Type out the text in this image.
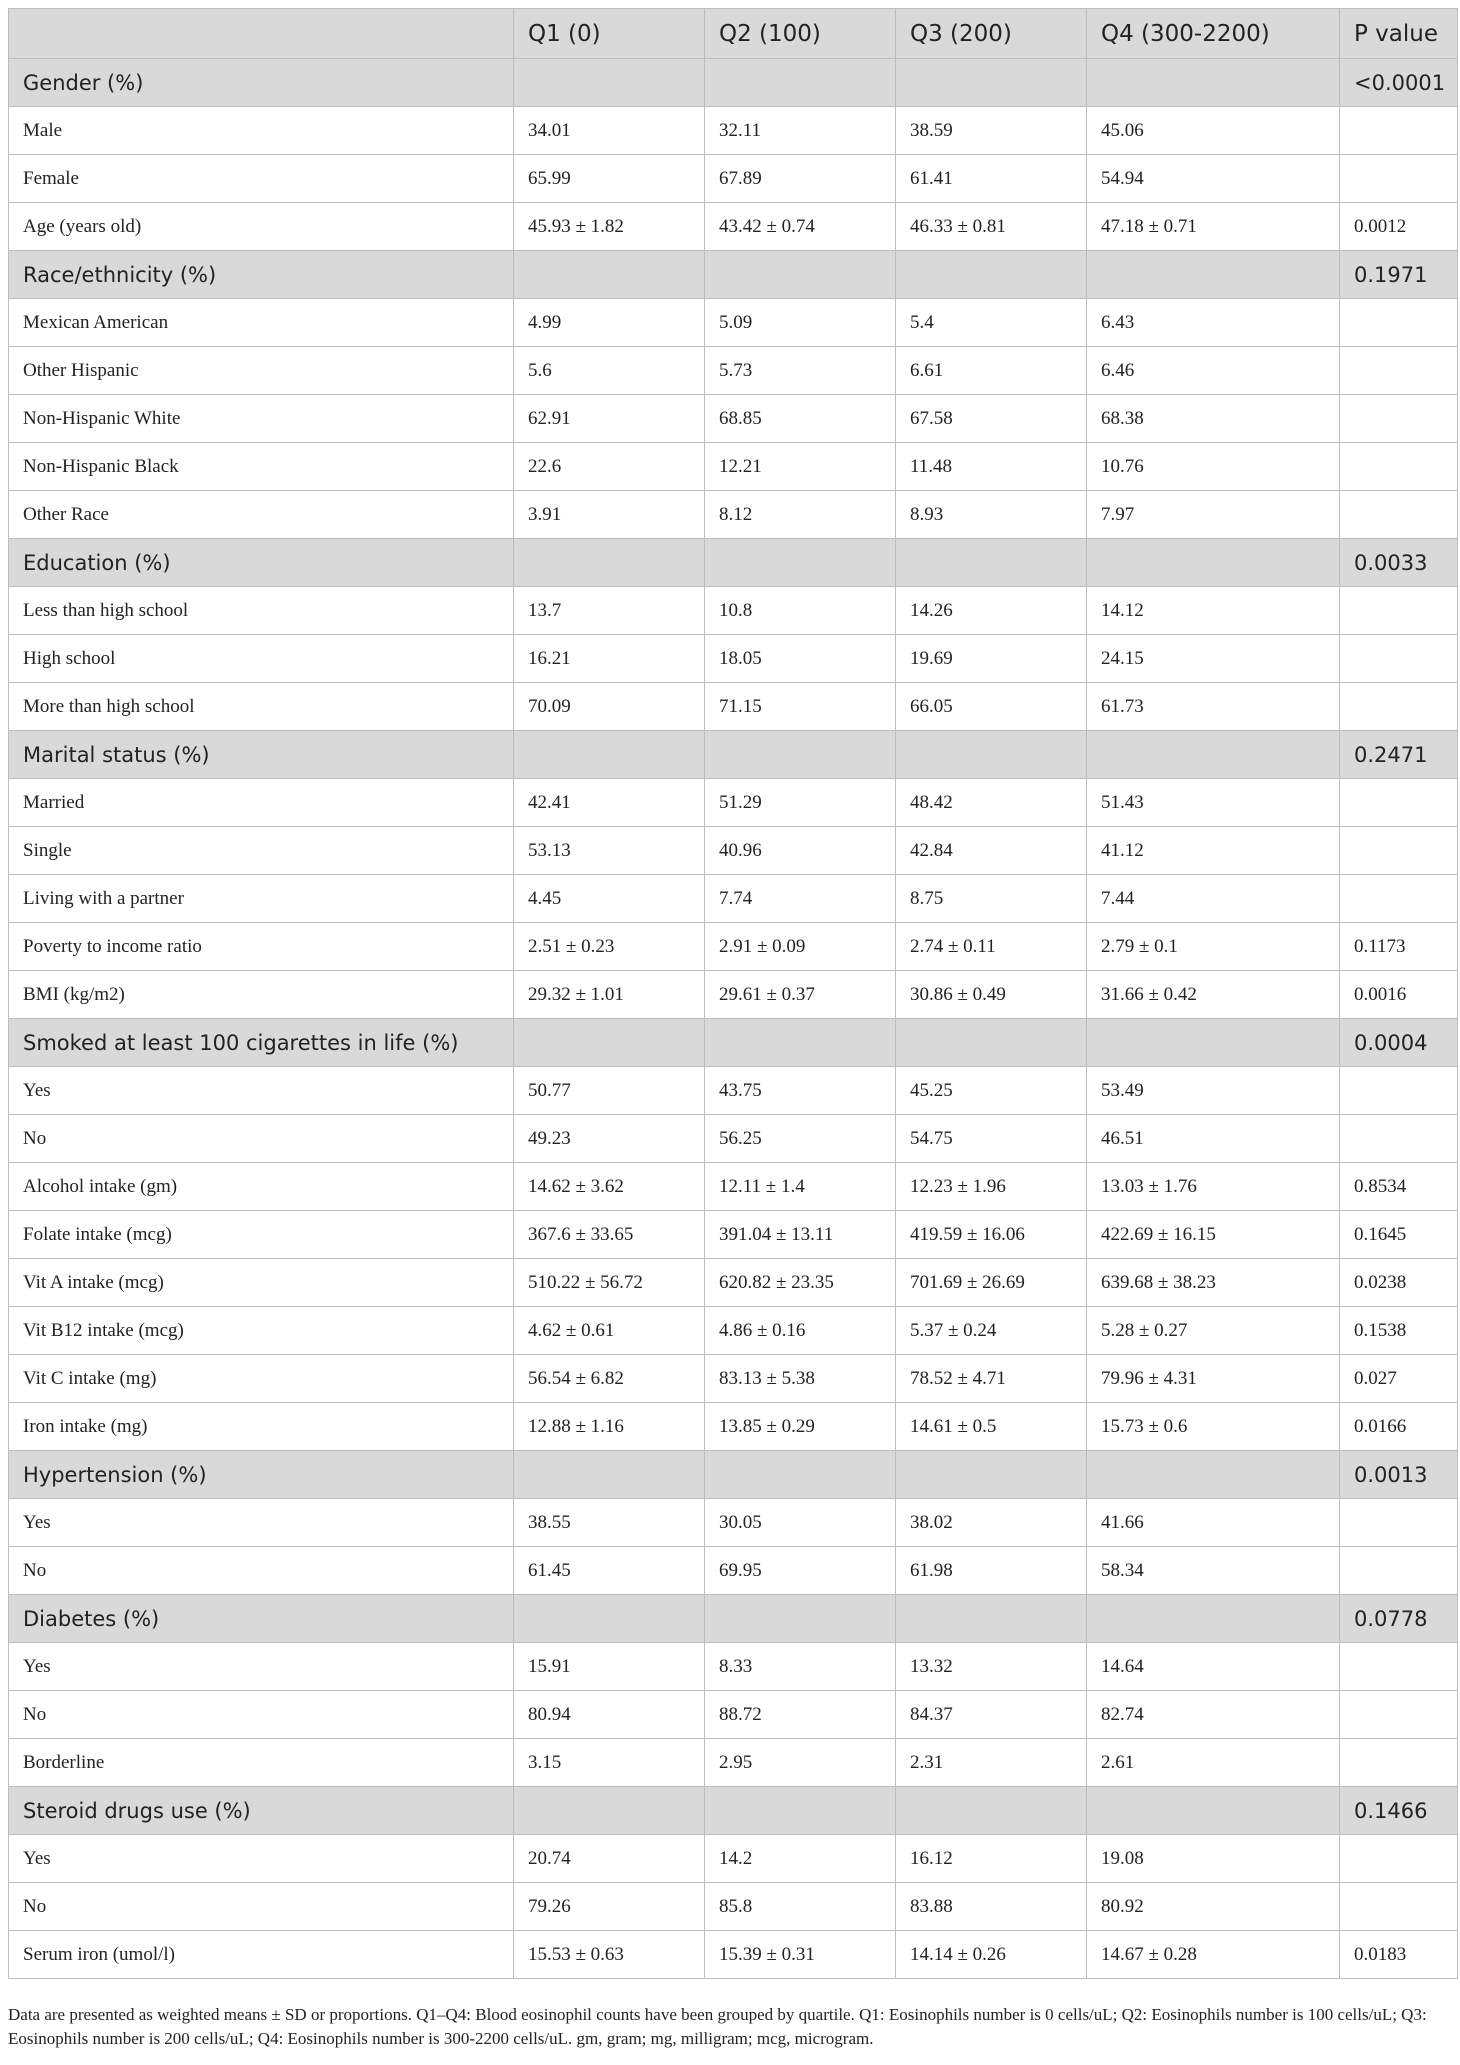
	Q1 (0)	Q2 (100)	Q3 (200)	Q4 (300-2200)	P value
Gender (%)					<0.0001
Male	34.01	32.11	38.59	45.06	
Female	65.99	67.89	61.41	54.94	
Age (years old)	45.93 ± 1.82	43.42 ± 0.74	46.33 ± 0.81	47.18 ± 0.71	0.0012
Race/ethnicity (%)					0.1971
Mexican American	4.99	5.09	5.4	6.43	
Other Hispanic	5.6	5.73	6.61	6.46	
Non-Hispanic White	62.91	68.85	67.58	68.38	
Non-Hispanic Black	22.6	12.21	11.48	10.76	
Other Race	3.91	8.12	8.93	7.97	
Education (%)					0.0033
Less than high school	13.7	10.8	14.26	14.12	
High school	16.21	18.05	19.69	24.15	
More than high school	70.09	71.15	66.05	61.73	
Marital status (%)					0.2471
Married	42.41	51.29	48.42	51.43	
Single	53.13	40.96	42.84	41.12	
Living with a partner	4.45	7.74	8.75	7.44	
Poverty to income ratio	2.51 ± 0.23	2.91 ± 0.09	2.74 ± 0.11	2.79 ± 0.1	0.1173
BMI (kg/m2)	29.32 ± 1.01	29.61 ± 0.37	30.86 ± 0.49	31.66 ± 0.42	0.0016
Smoked at least 100 cigarettes in life (%)					0.0004
Yes	50.77	43.75	45.25	53.49	
No	49.23	56.25	54.75	46.51	
Alcohol intake (gm)	14.62 ± 3.62	12.11 ± 1.4	12.23 ± 1.96	13.03 ± 1.76	0.8534
Folate intake (mcg)	367.6 ± 33.65	391.04 ± 13.11	419.59 ± 16.06	422.69 ± 16.15	0.1645
Vit A intake (mcg)	510.22 ± 56.72	620.82 ± 23.35	701.69 ± 26.69	639.68 ± 38.23	0.0238
Vit B12 intake (mcg)	4.62 ± 0.61	4.86 ± 0.16	5.37 ± 0.24	5.28 ± 0.27	0.1538
Vit C intake (mg)	56.54 ± 6.82	83.13 ± 5.38	78.52 ± 4.71	79.96 ± 4.31	0.027
Iron intake (mg)	12.88 ± 1.16	13.85 ± 0.29	14.61 ± 0.5	15.73 ± 0.6	0.0166
Hypertension (%)					0.0013
Yes	38.55	30.05	38.02	41.66	
No	61.45	69.95	61.98	58.34	
Diabetes (%)					0.0778
Yes	15.91	8.33	13.32	14.64	
No	80.94	88.72	84.37	82.74	
Borderline	3.15	2.95	2.31	2.61	
Steroid drugs use (%)					0.1466
Yes	20.74	14.2	16.12	19.08	
No	79.26	85.8	83.88	80.92	
Serum iron (umol/l)	15.53 ± 0.63	15.39 ± 0.31	14.14 ± 0.26	14.67 ± 0.28	0.0183
Data are presented as weighted means ± SD or proportions. Q1–Q4: Blood eosinophil counts have been grouped by quartile. Q1: Eosinophils number is 0 cells/uL; Q2: Eosinophils number is 100 cells/uL; Q3: Eosinophils number is 200 cells/uL; Q4: Eosinophils number is 300-2200 cells/uL. gm, gram; mg, milligram; mcg, microgram.
